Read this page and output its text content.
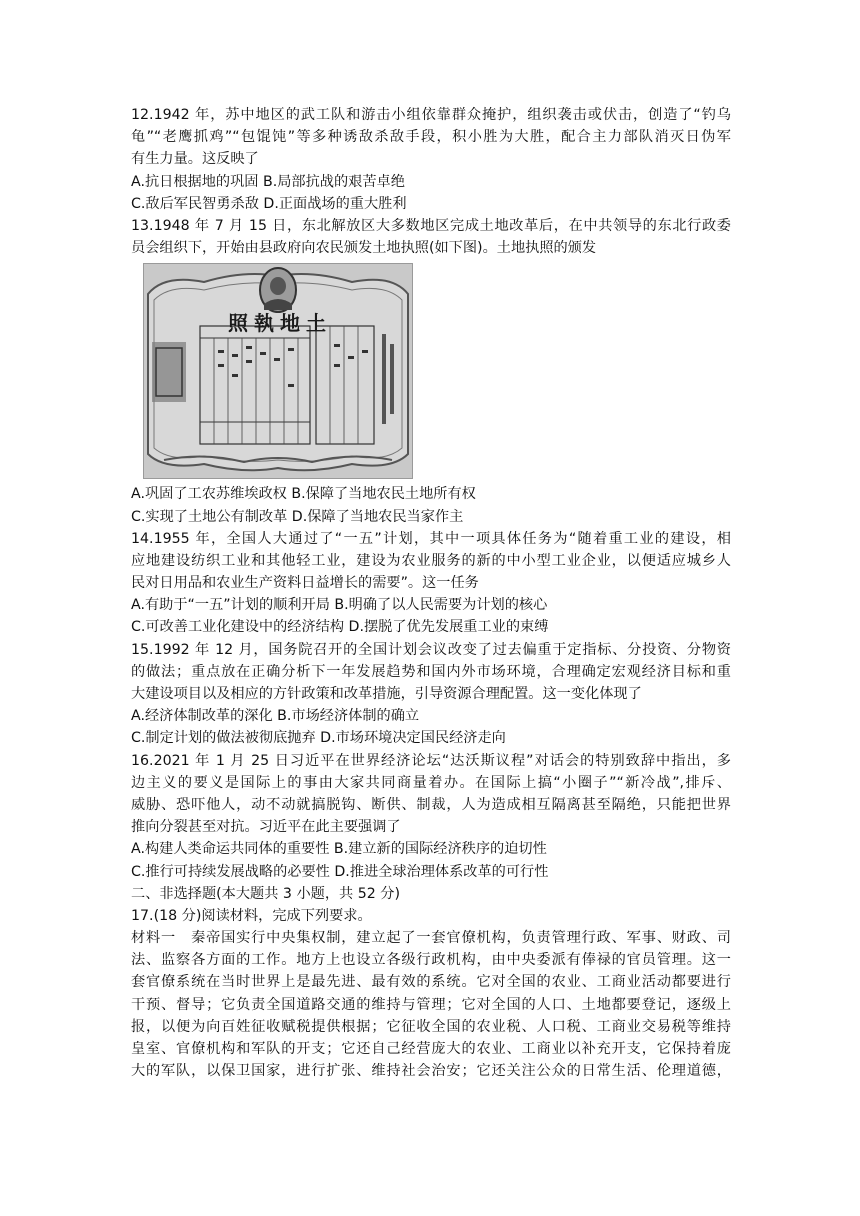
12.1942 年，苏中地区的武工队和游击小组依靠群众掩护，组织袭击或伏击，创造了“钓乌
龟”“老鹰抓鸡”“包馄饨”等多种诱敌杀敌手段，积小胜为大胜，配合主力部队消灭日伪军
有生力量。这反映了
A.抗日根据地的巩固 B.局部抗战的艰苦卓绝
C.敌后军民智勇杀敌 D.正面战场的重大胜利
13.1948 年 7 月 15 日，东北解放区大多数地区完成土地改革后，在中共领导的东北行政委
员会组织下，开始由县政府向农民颁发土地执照(如下图)。土地执照的颁发
照執地土
A.巩固了工农苏维埃政权 B.保障了当地农民土地所有权
C.实现了土地公有制改革 D.保障了当地农民当家作主
14.1955 年，全国人大通过了“一五”计划，其中一项具体任务为“随着重工业的建设，相
应地建设纺织工业和其他轻工业，建设为农业服务的新的中小型工业企业，以便适应城乡人
民对日用品和农业生产资料日益增长的需要”。这一任务
A.有助于“一五”计划的顺利开局 B.明确了以人民需要为计划的核心
C.可改善工业化建设中的经济结构 D.摆脱了优先发展重工业的束缚
15.1992 年 12 月，国务院召开的全国计划会议改变了过去偏重于定指标、分投资、分物资
的做法；重点放在正确分析下一年发展趋势和国内外市场环境，合理确定宏观经济目标和重
大建设项目以及相应的方针政策和改革措施，引导资源合理配置。这一变化体现了
A.经济体制改革的深化 B.市场经济体制的确立
C.制定计划的做法被彻底抛弃 D.市场环境决定国民经济走向
16.2021 年 1 月 25 日习近平在世界经济论坛“达沃斯议程”对话会的特别致辞中指出，多
边主义的要义是国际上的事由大家共同商量着办。在国际上搞“小圈子”“新冷战”,排斥、
威胁、恐吓他人，动不动就搞脱钩、断供、制裁，人为造成相互隔离甚至隔绝，只能把世界
推向分裂甚至对抗。习近平在此主要强调了
A.构建人类命运共同体的重要性 B.建立新的国际经济秩序的迫切性
C.推行可持续发展战略的必要性 D.推进全球治理体系改革的可行性
二、非选择题(本大题共 3 小题，共 52 分)
17.(18 分)阅读材料，完成下列要求。
材料一　秦帝国实行中央集权制，建立起了一套官僚机构，负责管理行政、军事、财政、司
法、监察各方面的工作。地方上也设立各级行政机构，由中央委派有俸禄的官员管理。这一
套官僚系统在当时世界上是最先进、最有效的系统。它对全国的农业、工商业活动都要进行
干预、督导；它负责全国道路交通的维持与管理；它对全国的人口、土地都要登记，逐级上
报，以便为向百姓征收赋税提供根据；它征收全国的农业税、人口税、工商业交易税等维持
皇室、官僚机构和军队的开支；它还自己经营庞大的农业、工商业以补充开支，它保持着庞
大的军队，以保卫国家，进行扩张、维持社会治安；它还关注公众的日常生活、伦理道德，
